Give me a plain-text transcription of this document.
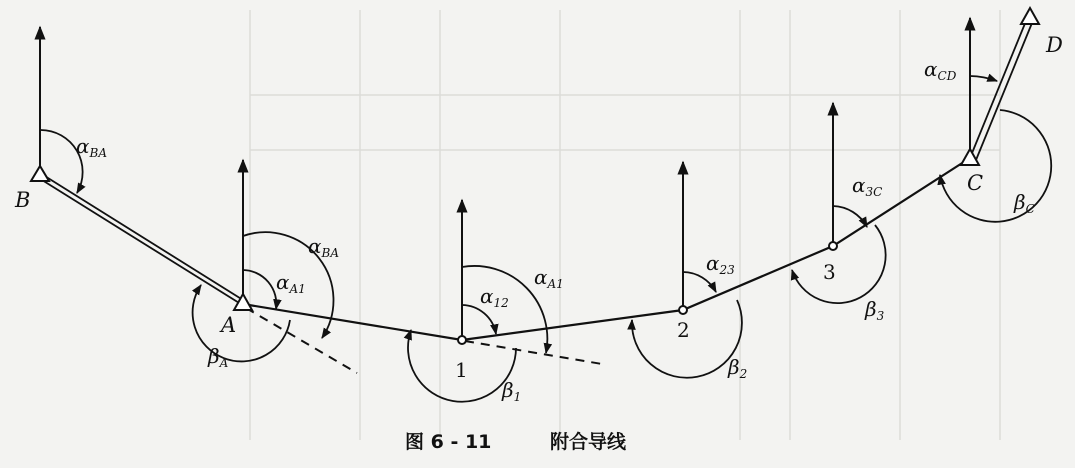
B
A
1
2
3
C
D
$\alpha_{BA}$
$\alpha_{BA}$
$\alpha_{A1}$
$\beta_A$
$\alpha_{12}$
$\alpha_{A1}$
$\beta_1$
$\alpha_{23}$
$\beta_2$
$\alpha_{3C}$
$\beta_3$
$\alpha_{CD}$
$\beta_C$
图 6 - 11	附合导线
